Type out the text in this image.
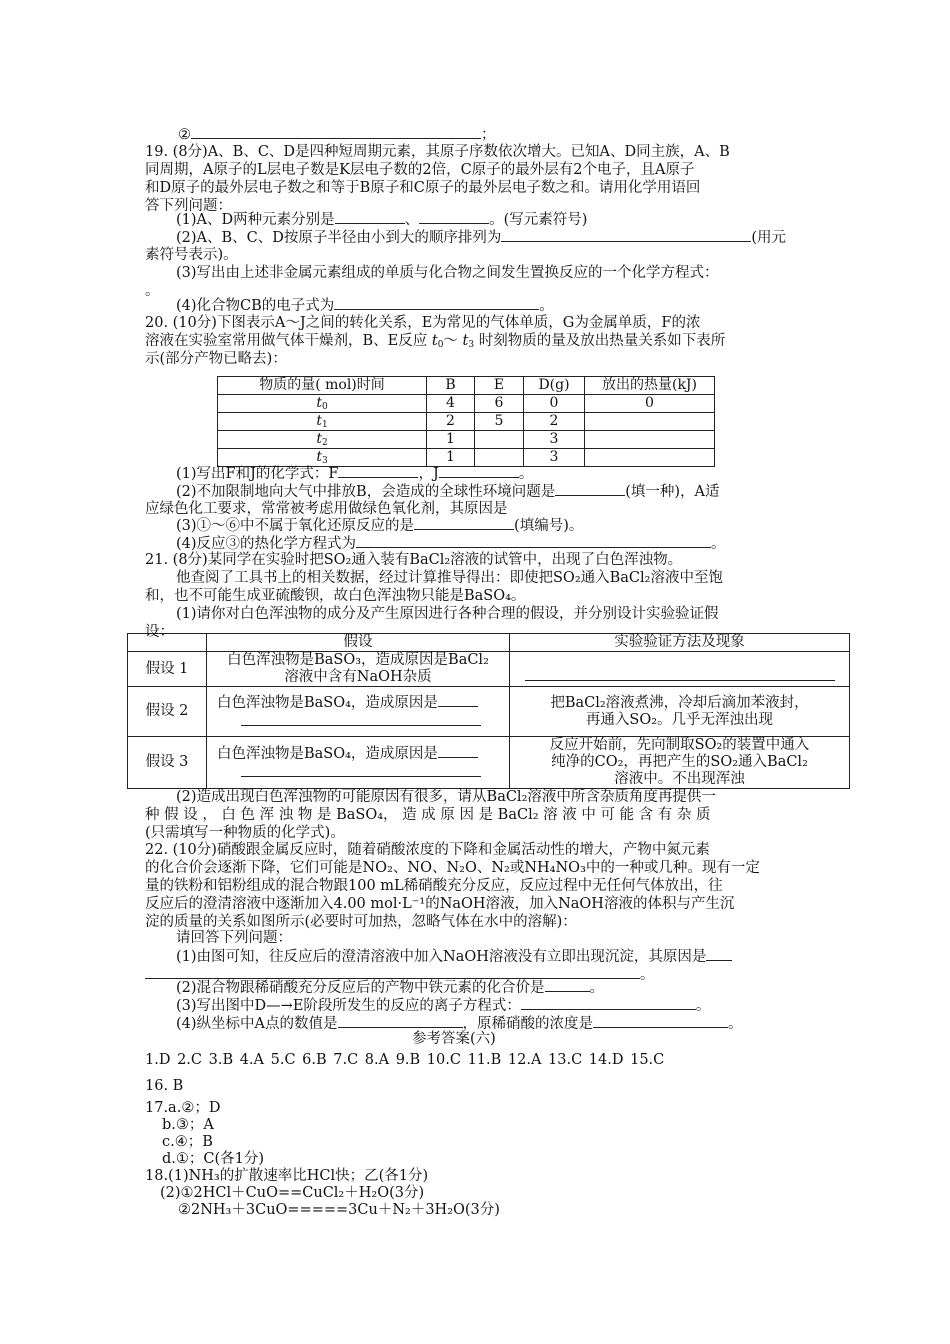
②	；
19. (8分)A、B、C、D是四种短周期元素，其原子序数依次增大。已知A、D同主族，A、B
同周期，A原子的L层电子数是K层电子数的2倍，C原子的最外层有2个电子，且A原子
和D原子的最外层电子数之和等于B原子和C原子的最外层电子数之和。请用化学用语回
答下列问题：
(1)A、D两种元素分别是	、	。(写元素符号)
(2)A、B、C、D按原子半径由小到大的顺序排列为	(用元
素符号表示)。
(3)写出由上述非金属元素组成的单质与化合物之间发生置换反应的一个化学方程式：
。
(4)化合物CB的电子式为	。
20. (10分)下图表示A～J之间的转化关系，E为常见的气体单质，G为金属单质，F的浓
溶液在实验室常用做气体干燥剂，B、E反应 $t_0\sim$ $t_3$ 时刻物质的量及放出热量关系如下表所
示(部分产物已略去)：
物质的量( mol)时间	B	E	D(g)	放出的热量(kJ)
$t_0$	4	6	0	0
$t_1$	2	5	2	
$t_2$	1		3	
$t_3$	1		3	
(1)写出F和J的化学式：F	，J	。
(2)不加限制地向大气中排放B，会造成的全球性环境问题是	(填一种)，A适
应绿色化工要求，常常被考虑用做绿色氧化剂，其原因是
(3)①～⑥中不属于氧化还原反应的是	(填编号)。
(4)反应③的热化学方程式为	。
21. (8分)某同学在实验时把SO₂通入装有BaCl₂溶液的试管中，出现了白色浑浊物。
他查阅了工具书上的相关数据，经过计算推导得出：即使把SO₂通入BaCl₂溶液中至饱
和，也不可能生成亚硫酸钡，故白色浑浊物只能是BaSO₄。
(1)请你对白色浑浊物的成分及产生原因进行各种合理的假设，并分别设计实验验证假
设：
	假设	实验验证方法及现象
假设 1	白色浑浊物是BaSO₃，造成原因是BaCl₂
溶液中含有NaOH杂质	

假设 2	白色浑浊物是BaSO₄，造成原因是	把BaCl₂溶液煮沸，冷却后滴加苯液封，
再通入SO₂。几乎无浑浊出现

假设 3	白色浑浊物是BaSO₄，造成原因是	反应开始前，先向制取SO₂的装置中通入
纯净的CO₂，再把产生的SO₂通入BaCl₂
溶液中。不出现浑浊
(2)造成出现白色浑浊物的可能原因有很多，请从BaCl₂溶液中所含杂质角度再提供一
种 假 设 ， 白 色 浑 浊 物 是 BaSO₄， 造 成 原 因 是 BaCl₂ 溶 液 中 可 能 含 有 杂 质
(只需填写一种物质的化学式)。
22. (10分)硝酸跟金属反应时，随着硝酸浓度的下降和金属活动性的增大，产物中氮元素
的化合价会逐渐下降，它们可能是NO₂、NO、N₂O、N₂或NH₄NO₃中的一种或几种。现有一定
量的铁粉和铝粉组成的混合物跟100 mL稀硝酸充分反应，反应过程中无任何气体放出，往
反应后的澄清溶液中逐渐加入4.00 mol·L⁻¹的NaOH溶液，加入NaOH溶液的体积与产生沉
淀的质量的关系如图所示(必要时可加热，忽略气体在水中的溶解)：
请回答下列问题：
(1)由图可知，往反应后的澄清溶液中加入NaOH溶液没有立即出现沉淀，其原因是
。
(2)混合物跟稀硝酸充分反应后的产物中铁元素的化合价是	。
(3)写出图中D—→E阶段所发生的反应的离子方程式：	。
(4)纵坐标中A点的数值是	，原稀硝酸的浓度是	。
参考答案(六)
1.D 2.C 3.B 4.A 5.C 6.B 7.C 8.A 9.B 10.C 11.B 12.A 13.C 14.D 15.C
16. B
17.a.②；D
b.③；A
c.④；B
d.①；C(各1分)
18.(1)NH₃的扩散速率比HCl快；乙(各1分)
(2)①2HCl＋CuO==CuCl₂＋H₂O(3分)
②2NH₃＋3CuO=====3Cu＋N₂＋3H₂O(3分)
